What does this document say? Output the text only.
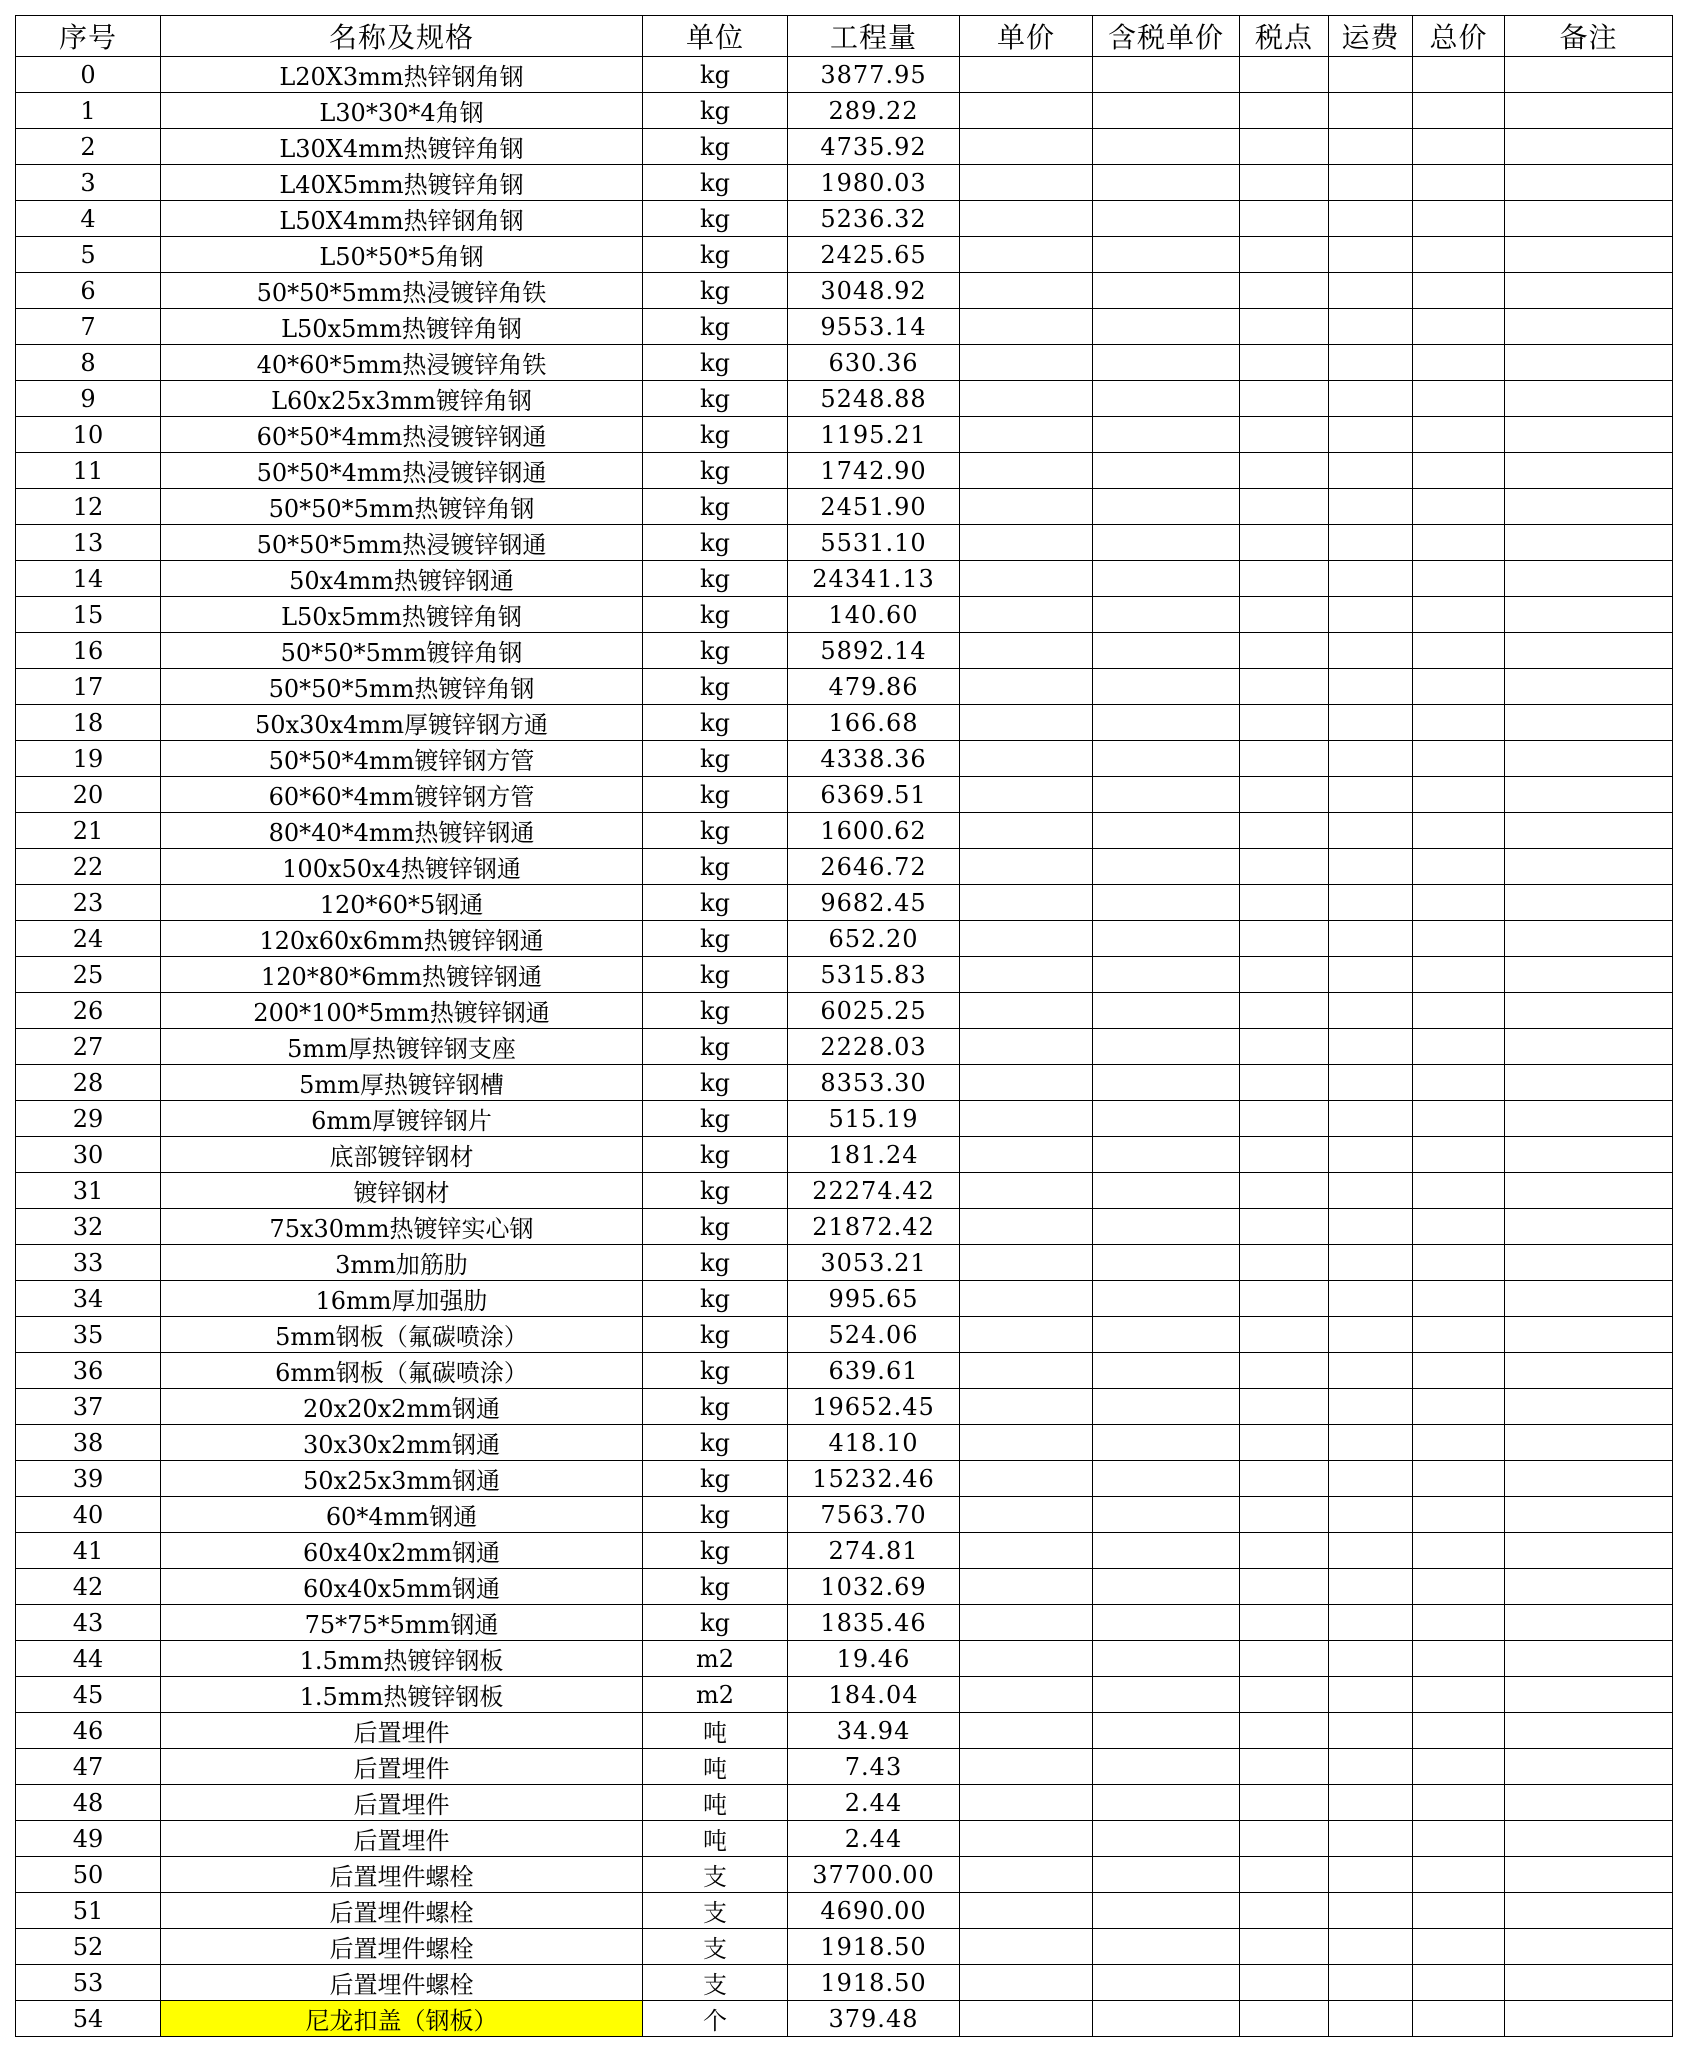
序号	名称及规格	单位	工程量	单价	含税单价	税点	运费	总价	备注
0	L20X3mm热锌钢角钢	kg	3877.95						
1	L30*30*4角钢	kg	289.22						
2	L30X4mm热镀锌角钢	kg	4735.92						
3	L40X5mm热镀锌角钢	kg	1980.03						
4	L50X4mm热锌钢角钢	kg	5236.32						
5	L50*50*5角钢	kg	2425.65						
6	50*50*5mm热浸镀锌角铁	kg	3048.92						
7	L50x5mm热镀锌角钢	kg	9553.14						
8	40*60*5mm热浸镀锌角铁	kg	630.36						
9	L60x25x3mm镀锌角钢	kg	5248.88						
10	60*50*4mm热浸镀锌钢通	kg	1195.21						
11	50*50*4mm热浸镀锌钢通	kg	1742.90						
12	50*50*5mm热镀锌角钢	kg	2451.90						
13	50*50*5mm热浸镀锌钢通	kg	5531.10						
14	50x4mm热镀锌钢通	kg	24341.13						
15	L50x5mm热镀锌角钢	kg	140.60						
16	50*50*5mm镀锌角钢	kg	5892.14						
17	50*50*5mm热镀锌角钢	kg	479.86						
18	50x30x4mm厚镀锌钢方通	kg	166.68						
19	50*50*4mm镀锌钢方管	kg	4338.36						
20	60*60*4mm镀锌钢方管	kg	6369.51						
21	80*40*4mm热镀锌钢通	kg	1600.62						
22	100x50x4热镀锌钢通	kg	2646.72						
23	120*60*5钢通	kg	9682.45						
24	120x60x6mm热镀锌钢通	kg	652.20						
25	120*80*6mm热镀锌钢通	kg	5315.83						
26	200*100*5mm热镀锌钢通	kg	6025.25						
27	5mm厚热镀锌钢支座	kg	2228.03						
28	5mm厚热镀锌钢槽	kg	8353.30						
29	6mm厚镀锌钢片	kg	515.19						
30	底部镀锌钢材	kg	181.24						
31	镀锌钢材	kg	22274.42						
32	75x30mm热镀锌实心钢	kg	21872.42						
33	3mm加筋肋	kg	3053.21						
34	16mm厚加强肋	kg	995.65						
35	5mm钢板（氟碳喷涂）	kg	524.06						
36	6mm钢板（氟碳喷涂）	kg	639.61						
37	20x20x2mm钢通	kg	19652.45						
38	30x30x2mm钢通	kg	418.10						
39	50x25x3mm钢通	kg	15232.46						
40	60*4mm钢通	kg	7563.70						
41	60x40x2mm钢通	kg	274.81						
42	60x40x5mm钢通	kg	1032.69						
43	75*75*5mm钢通	kg	1835.46						
44	1.5mm热镀锌钢板	m2	19.46						
45	1.5mm热镀锌钢板	m2	184.04						
46	后置埋件	吨	34.94						
47	后置埋件	吨	7.43						
48	后置埋件	吨	2.44						
49	后置埋件	吨	2.44						
50	后置埋件螺栓	支	37700.00						
51	后置埋件螺栓	支	4690.00						
52	后置埋件螺栓	支	1918.50						
53	后置埋件螺栓	支	1918.50						
54	尼龙扣盖（钢板）	个	379.48						
